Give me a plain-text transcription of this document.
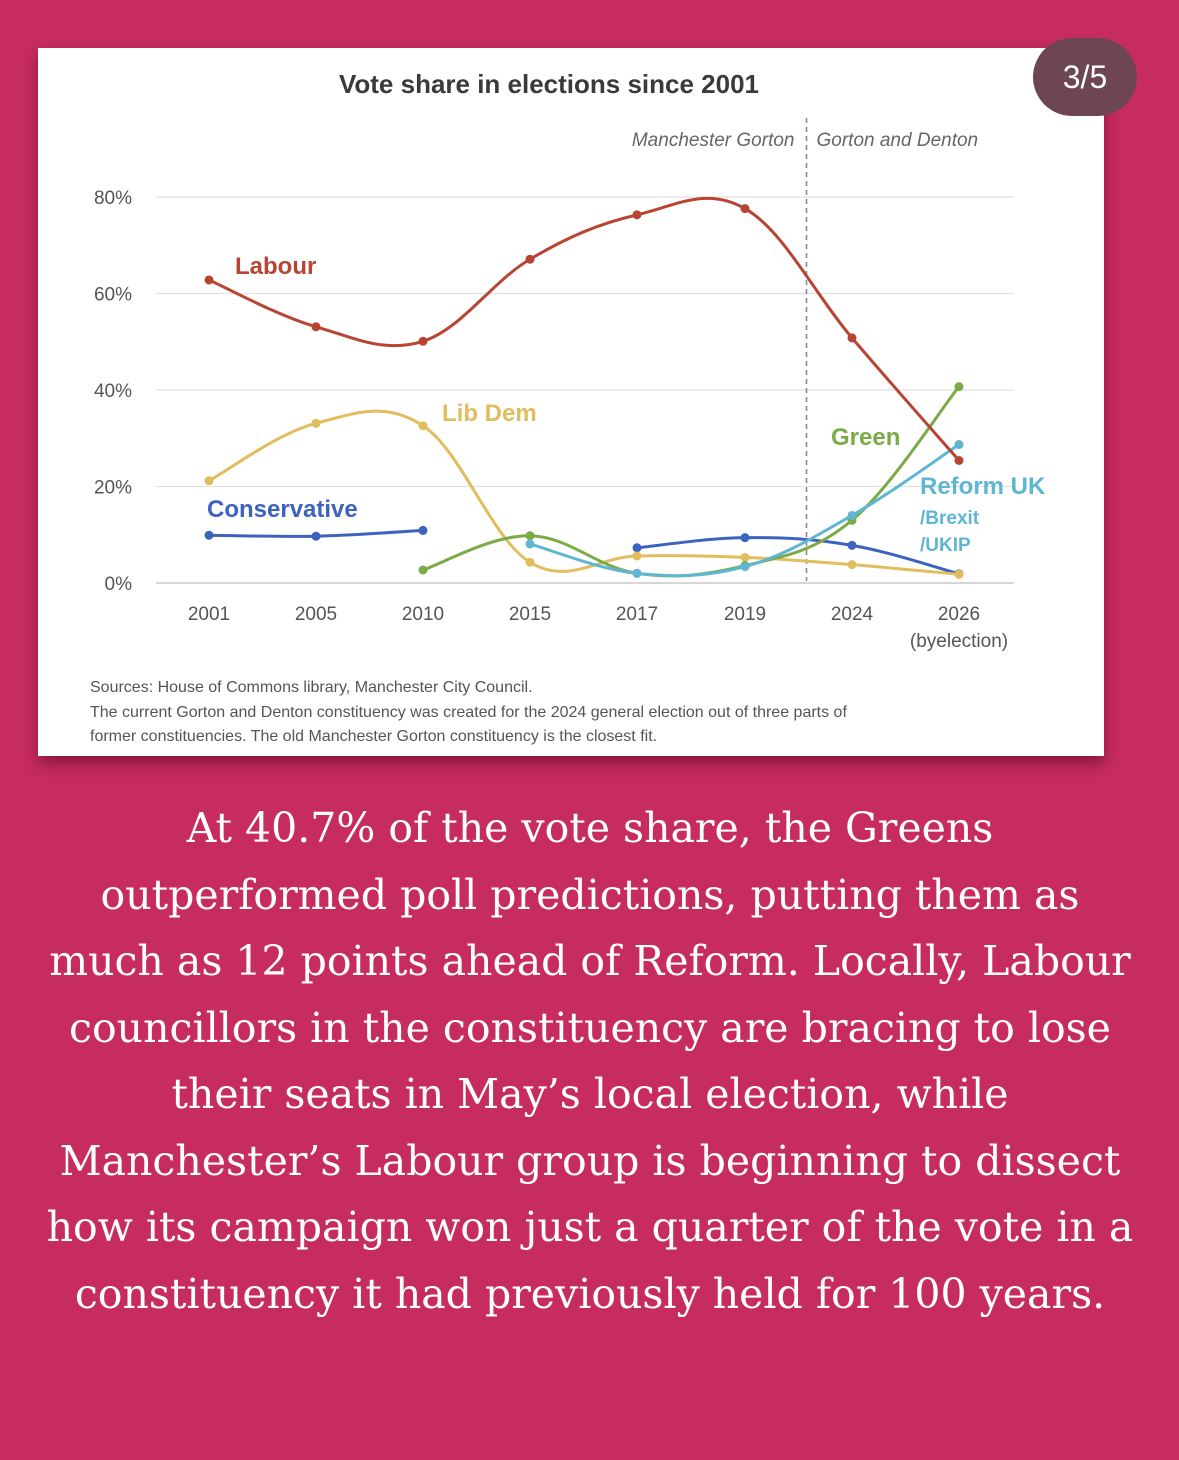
Vote share in elections since 2001
0%
20%
40%
60%
80%
2001	2005	2010	2015	2017	2019	2024	2026
(byelection)
Manchester Gorton Gorton and Denton
Labour
Lib Dem
Conservative
Green
Reform UK /Brexit /UKIP
Sources: House of Commons library, Manchester City Council.
The current Gorton and Denton constituency was created for the 2024 general election out of three parts of
former constituencies. The old Manchester Gorton constituency is the closest fit.
3/5
At 40.7% of the vote share, the Greens outperformed poll predictions, putting them as much as 12 points ahead of Reform. Locally, Labour councillors in the constituency are bracing to lose their seats in May’s local election, while Manchester’s Labour group is beginning to dissect how its campaign won just a quarter of the vote in a constituency it had previously held for 100 years.
